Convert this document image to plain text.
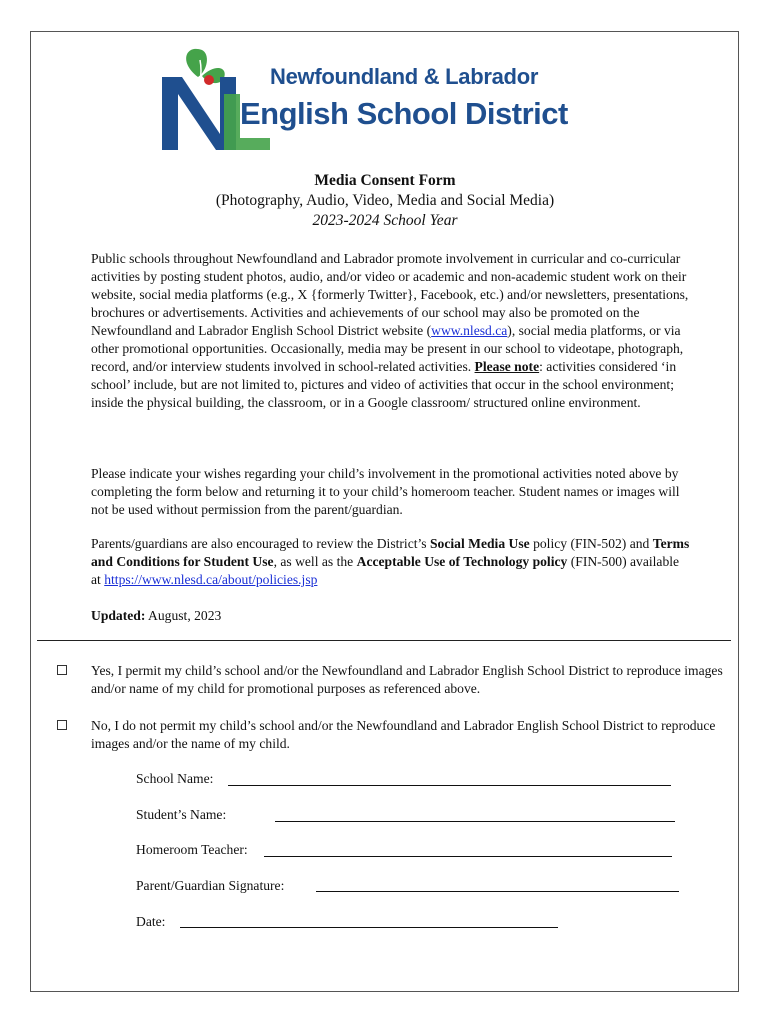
Newfoundland & Labrador
English School District
Media Consent Form
(Photography, Audio, Video, Media and Social Media)
2023-2024 School Year

Public schools throughout Newfoundland and Labrador promote involvement in curricular and co-curricular activities by posting student photos, audio, and/or video or academic and non-academic student work on their website, social media platforms (e.g., X {formerly Twitter}, Facebook, etc.) and/or newsletters, presentations, brochures or advertisements. Activities and achievements of our school may also be promoted on the Newfoundland and Labrador English School District website (www.nlesd.ca), social media platforms, or via other promotional opportunities. Occasionally, media may be present in our school to videotape, photograph, record, and/or interview students involved in school-related activities. Please note: activities considered ‘in school’ include, but are not limited to, pictures and video of activities that occur in the school environment; inside the physical building, the classroom, or in a Google classroom/ structured online environment.

Please indicate your wishes regarding your child’s involvement in the promotional activities noted above by completing the form below and returning it to your child’s homeroom teacher. Student names or images will not be used without permission from the parent/guardian.

Parents/guardians are also encouraged to review the District’s Social Media Use policy (FIN-502) and Terms and Conditions for Student Use, as well as the Acceptable Use of Technology policy (FIN-500) available at https://www.nlesd.ca/about/policies.jsp

Updated: August, 2023

Yes, I permit my child’s school and/or the Newfoundland and Labrador English School District to reproduce images and/or name of my child for promotional purposes as referenced above.
No, I do not permit my child’s school and/or the Newfoundland and Labrador English School District to reproduce images and/or the name of my child.
School Name:
Student’s Name:
Homeroom Teacher:
Parent/Guardian Signature:
Date:
